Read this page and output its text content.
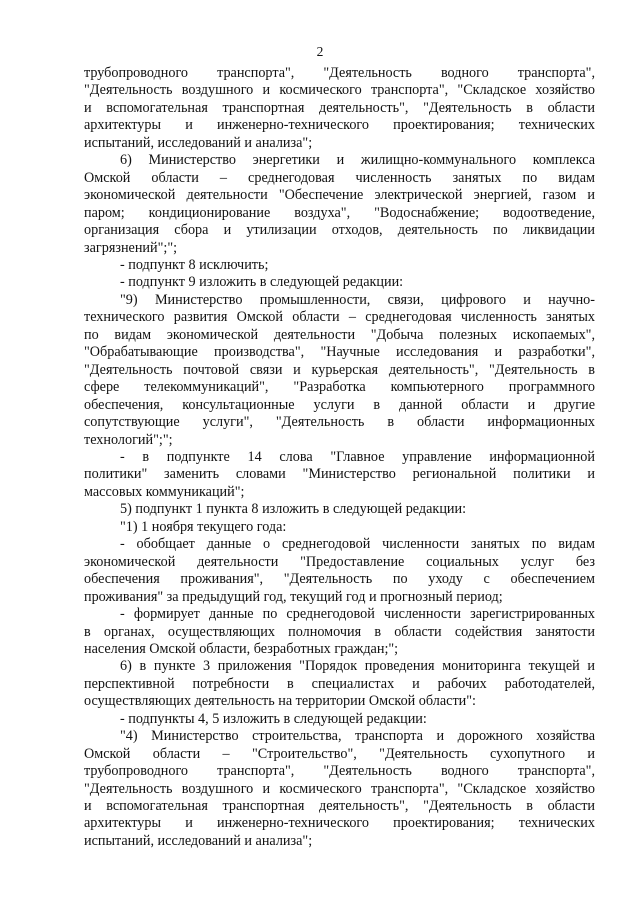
2

трубопроводного транспорта", "Деятельность водного транспорта",

"Деятельность воздушного и космического транспорта", "Складское хозяйство

и вспомогательная транспортная деятельность", "Деятельность в области

архитектуры и инженерно-технического проектирования; технических

испытаний, исследований и анализа";

6) Министерство энергетики и жилищно-коммунального комплекса

Омской области – среднегодовая численность занятых по видам

экономической деятельности "Обеспечение электрической энергией, газом и

паром; кондиционирование воздуха", "Водоснабжение; водоотведение,

организация сбора и утилизации отходов, деятельность по ликвидации

загрязнений";";

- подпункт 8 исключить;

- подпункт 9 изложить в следующей редакции:

"9) Министерство промышленности, связи, цифрового и научно-

технического развития Омской области – среднегодовая численность занятых

по видам экономической деятельности "Добыча полезных ископаемых",

"Обрабатывающие производства", "Научные исследования и разработки",

"Деятельность почтовой связи и курьерская деятельность", "Деятельность в

сфере телекоммуникаций", "Разработка компьютерного программного

обеспечения, консультационные услуги в данной области и другие

сопутствующие услуги", "Деятельность в области информационных

технологий";";

- в подпункте 14 слова "Главное управление информационной

политики" заменить словами "Министерство региональной политики и

массовых коммуникаций";

5) подпункт 1 пункта 8 изложить в следующей редакции:

"1) 1 ноября текущего года:

- обобщает данные о среднегодовой численности занятых по видам

экономической деятельности "Предоставление социальных услуг без

обеспечения проживания", "Деятельность по уходу с обеспечением

проживания" за предыдущий год, текущий год и прогнозный период;

- формирует данные по среднегодовой численности зарегистрированных

в органах, осуществляющих полномочия в области содействия занятости

населения Омской области, безработных граждан;";

6) в пункте 3 приложения "Порядок проведения мониторинга текущей и

перспективной потребности в специалистах и рабочих работодателей,

осуществляющих деятельность на территории Омской области":

- подпункты 4, 5 изложить в следующей редакции:

"4) Министерство строительства, транспорта и дорожного хозяйства

Омской области – "Строительство", "Деятельность сухопутного и

трубопроводного транспорта", "Деятельность водного транспорта",

"Деятельность воздушного и космического транспорта", "Складское хозяйство

и вспомогательная транспортная деятельность", "Деятельность в области

архитектуры и инженерно-технического проектирования; технических

испытаний, исследований и анализа";
